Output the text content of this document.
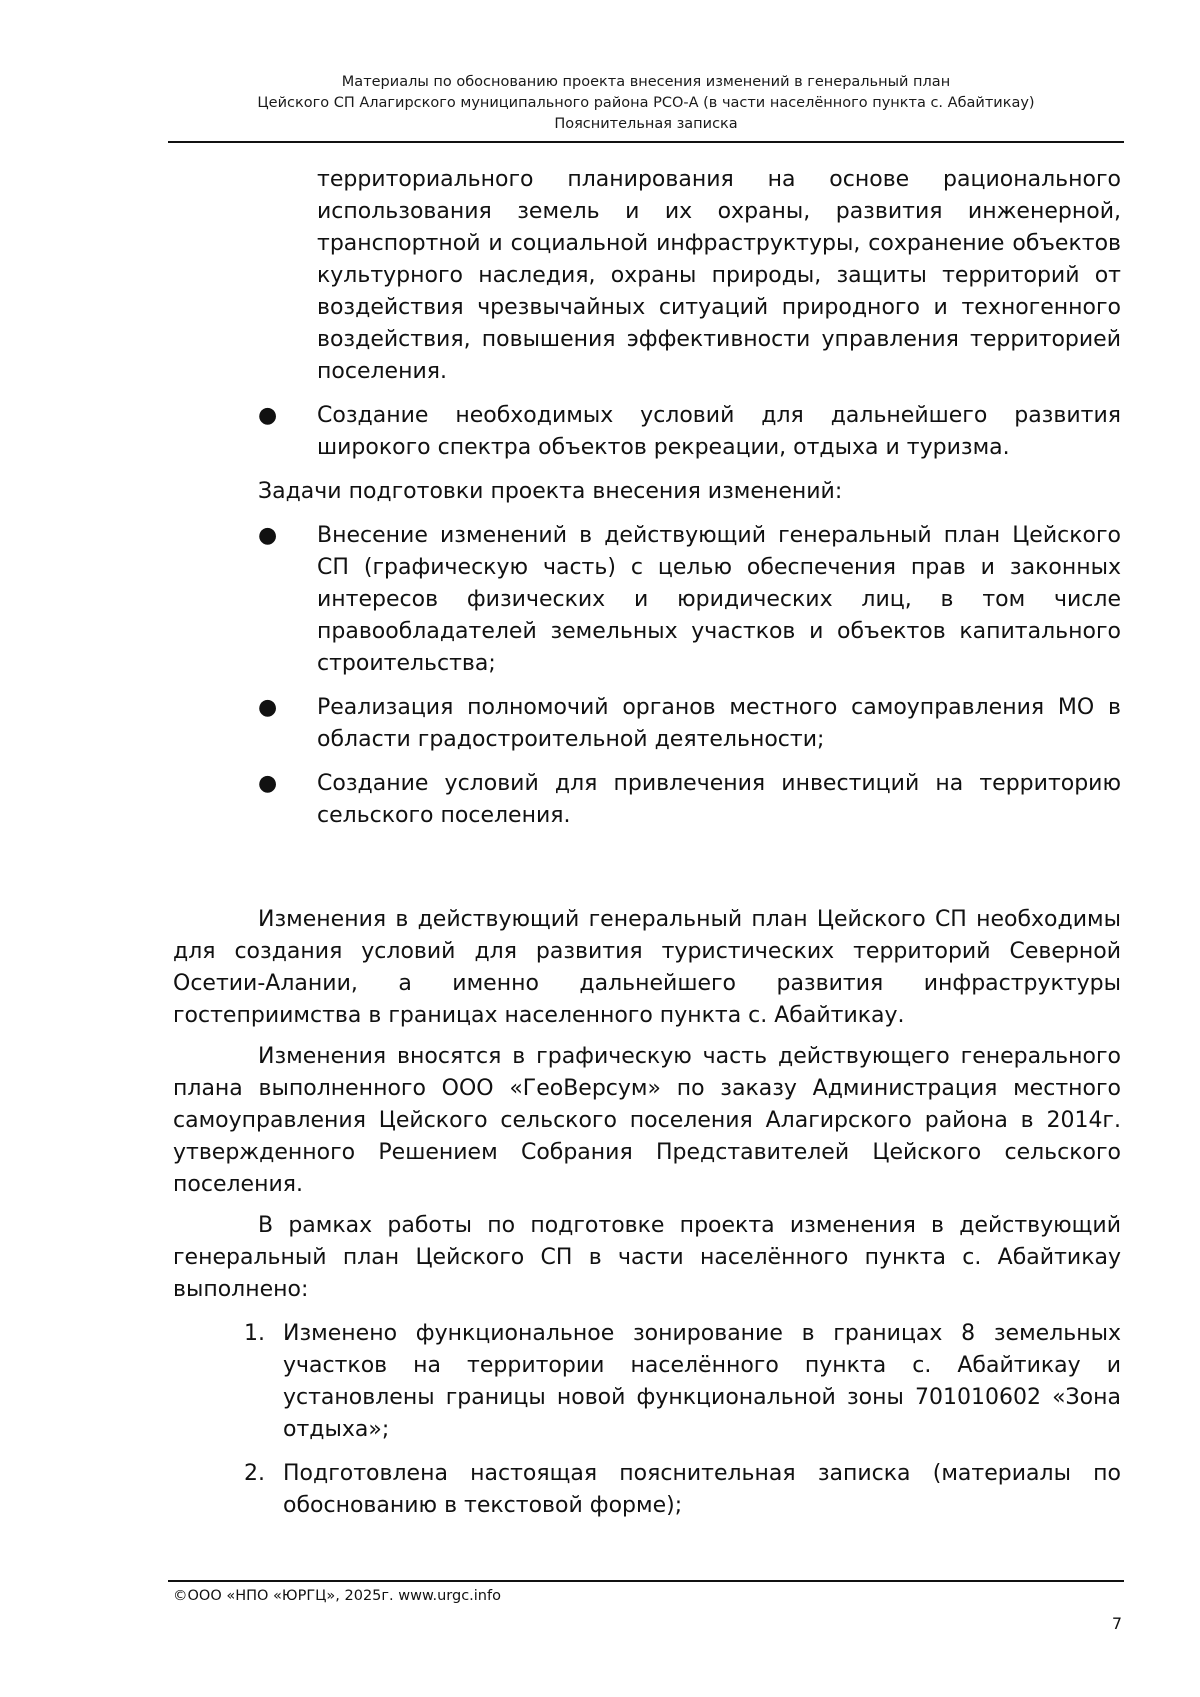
Материалы по обоснованию проекта внесения изменений в генеральный план
Цейского СП Алагирского муниципального района РСО-А (в части населённого пункта с. Абайтикау)
Пояснительная записка

территориального планирования на основе рационального использования земель и их охраны, развития инженерной, транспортной и социальной инфраструктуры, сохранение объектов культурного наследия, охраны природы, защиты территорий от воздействия чрезвычайных ситуаций природного и техногенного воздействия, повышения эффективности управления территорией поселения.

● Создание необходимых условий для дальнейшего развития широкого спектра объектов рекреации, отдыха и туризма.

Задачи подготовки проекта внесения изменений:

● Внесение изменений в действующий генеральный план Цейского СП (графическую часть) с целью обеспечения прав и законных интересов физических и юридических лиц, в том числе правообладателей земельных участков и объектов капитального строительства;
● Реализация полномочий органов местного самоуправления МО в области градостроительной деятельности;
● Создание условий для привлечения инвестиций на территорию сельского поселения.

Изменения в действующий генеральный план Цейского СП необходимы для создания условий для развития туристических территорий Северной Осетии-Алании, а именно дальнейшего развития инфраструктуры гостеприимства в границах населенного пункта с. Абайтикау.

Изменения вносятся в графическую часть действующего генерального плана выполненного ООО «ГеоВерсум» по заказу Администрация местного самоуправления Цейского сельского поселения Алагирского района в 2014г. утвержденного Решением Собрания Представителей Цейского сельского поселения.

В рамках работы по подготовке проекта изменения в действующий генеральный план Цейского СП в части населённого пункта с. Абайтикау выполнено:

1. Изменено функциональное зонирование в границах 8 земельных участков на территории населённого пункта с. Абайтикау и установлены границы новой функциональной зоны 701010602 «Зона отдыха»;
2. Подготовлена настоящая пояснительная записка (материалы по обоснованию в текстовой форме);
©ООО «НПО «ЮРГЦ», 2025г. www.urgc.info
7
